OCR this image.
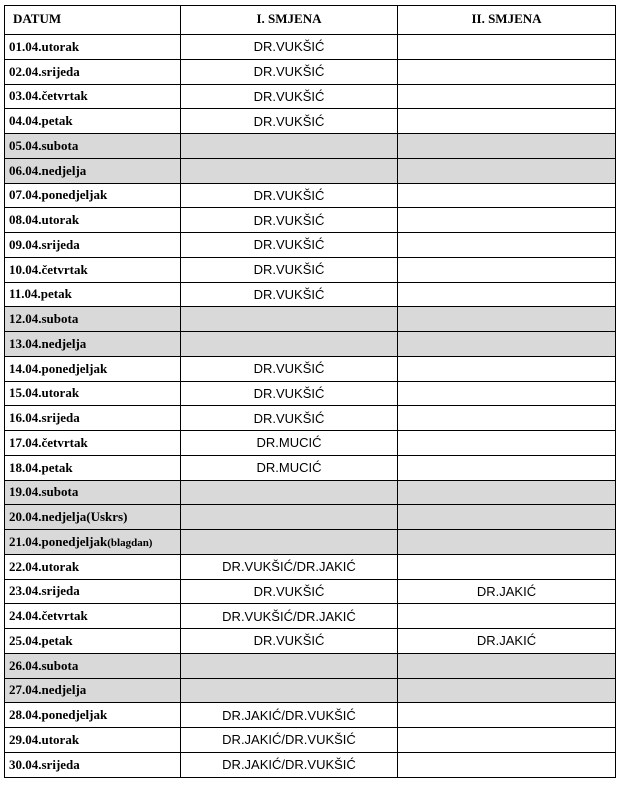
DATUM	I. SMJENA	II. SMJENA
01.04.utorak	DR.VUKŠIĆ	
02.04.srijeda	DR.VUKŠIĆ	
03.04.četvrtak	DR.VUKŠIĆ	
04.04.petak	DR.VUKŠIĆ	
05.04.subota		
06.04.nedjelja		
07.04.ponedjeljak	DR.VUKŠIĆ	
08.04.utorak	DR.VUKŠIĆ	
09.04.srijeda	DR.VUKŠIĆ	
10.04.četvrtak	DR.VUKŠIĆ	
11.04.petak	DR.VUKŠIĆ	
12.04.subota		
13.04.nedjelja		
14.04.ponedjeljak	DR.VUKŠIĆ	
15.04.utorak	DR.VUKŠIĆ	
16.04.srijeda	DR.VUKŠIĆ	
17.04.četvrtak	DR.MUCIĆ	
18.04.petak	DR.MUCIĆ	
19.04.subota		
20.04.nedjelja(Uskrs)		
21.04.ponedjeljak(blagdan)		
22.04.utorak	DR.VUKŠIĆ/DR.JAKIĆ	
23.04.srijeda	DR.VUKŠIĆ	DR.JAKIĆ
24.04.četvrtak	DR.VUKŠIĆ/DR.JAKIĆ	
25.04.petak	DR.VUKŠIĆ	DR.JAKIĆ
26.04.subota		
27.04.nedjelja		
28.04.ponedjeljak	DR.JAKIĆ/DR.VUKŠIĆ	
29.04.utorak	DR.JAKIĆ/DR.VUKŠIĆ	
30.04.srijeda	DR.JAKIĆ/DR.VUKŠIĆ	
